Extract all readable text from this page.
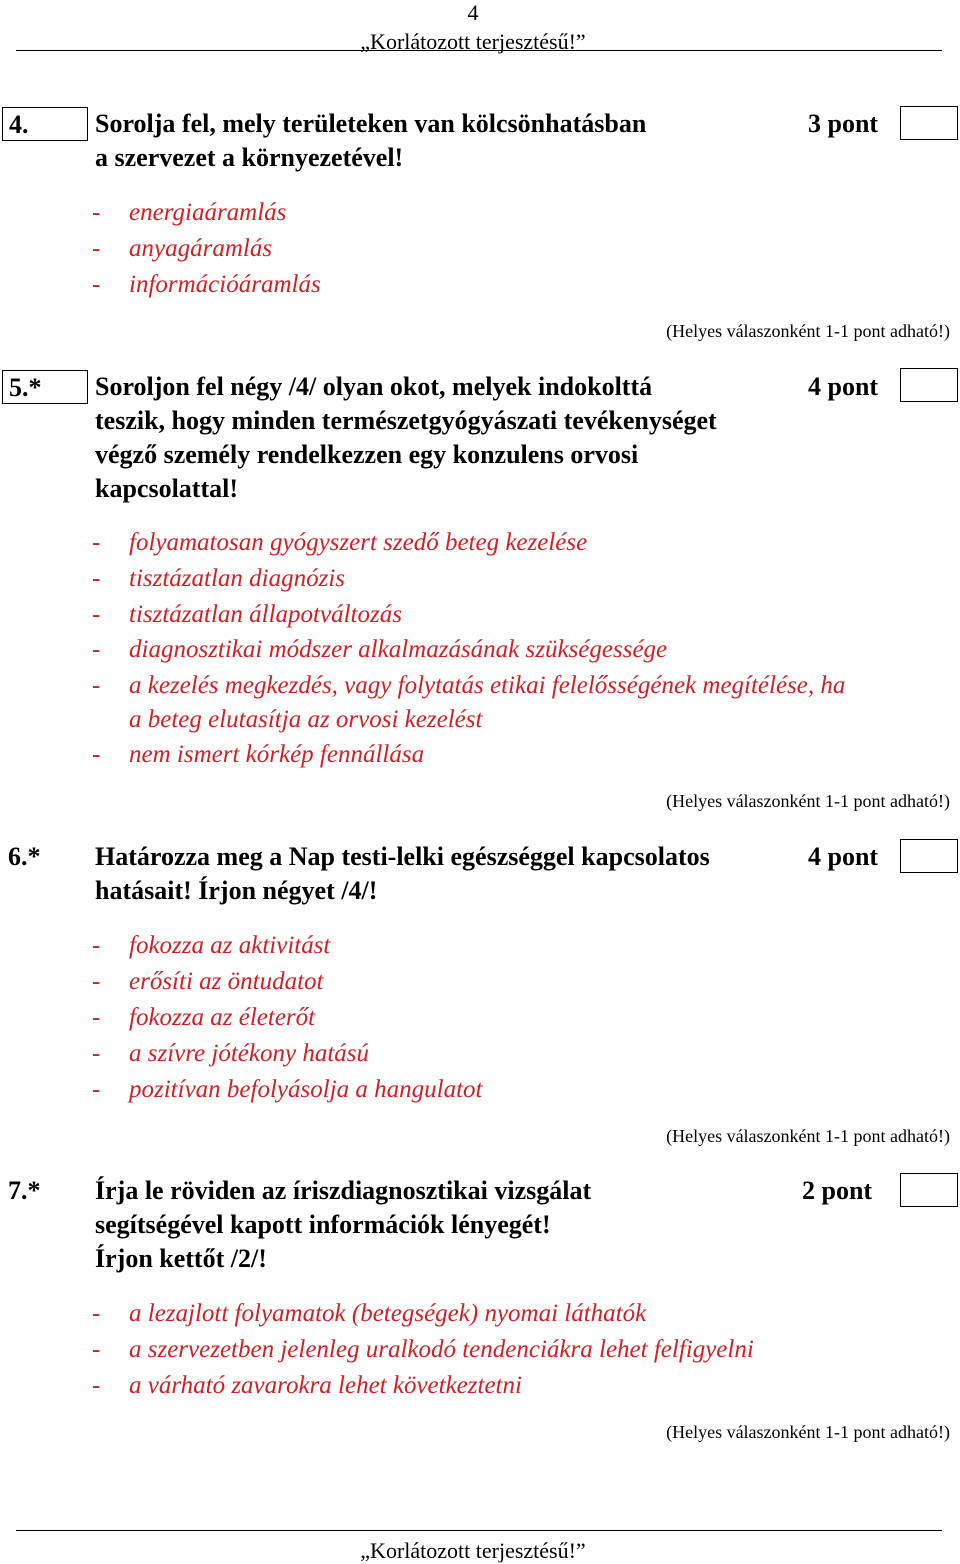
4
„Korlátozott terjesztésű!”
4.	Sorolja fel, mely területeken van kölcsönhatásban
a szervezet a környezetével!
3 pont
- energiaáramlás
- anyagáramlás
- információáramlás
(Helyes válaszonként 1-1 pont adható!)
5.*	Soroljon fel négy /4/ olyan okot, melyek indokolttá
teszik, hogy minden természetgyógyászati tevékenységet
végző személy rendelkezzen egy konzulens orvosi
kapcsolattal!
4 pont
- folyamatosan gyógyszert szedő beteg kezelése
- tisztázatlan diagnózis
- tisztázatlan állapotváltozás
- diagnosztikai módszer alkalmazásának szükségessége
- a kezelés megkezdés, vagy folytatás etikai felelősségének megítélése, ha
a beteg elutasítja az orvosi kezelést
- nem ismert kórkép fennállása
(Helyes válaszonként 1-1 pont adható!)
6.* Határozza meg a Nap testi-lelki egészséggel kapcsolatos
hatásait! Írjon négyet /4/!
4 pont
- fokozza az aktivitást
- erősíti az öntudatot
- fokozza az életerőt
- a szívre jótékony hatású
- pozitívan befolyásolja a hangulatot
(Helyes válaszonként 1-1 pont adható!)
7.* Írja le röviden az íriszdiagnosztikai vizsgálat
segítségével kapott információk lényegét!
Írjon kettőt /2/!
2 pont
- a lezajlott folyamatok (betegségek) nyomai láthatók
- a szervezetben jelenleg uralkodó tendenciákra lehet felfigyelni
- a várható zavarokra lehet következtetni
(Helyes válaszonként 1-1 pont adható!)
„Korlátozott terjesztésű!”
